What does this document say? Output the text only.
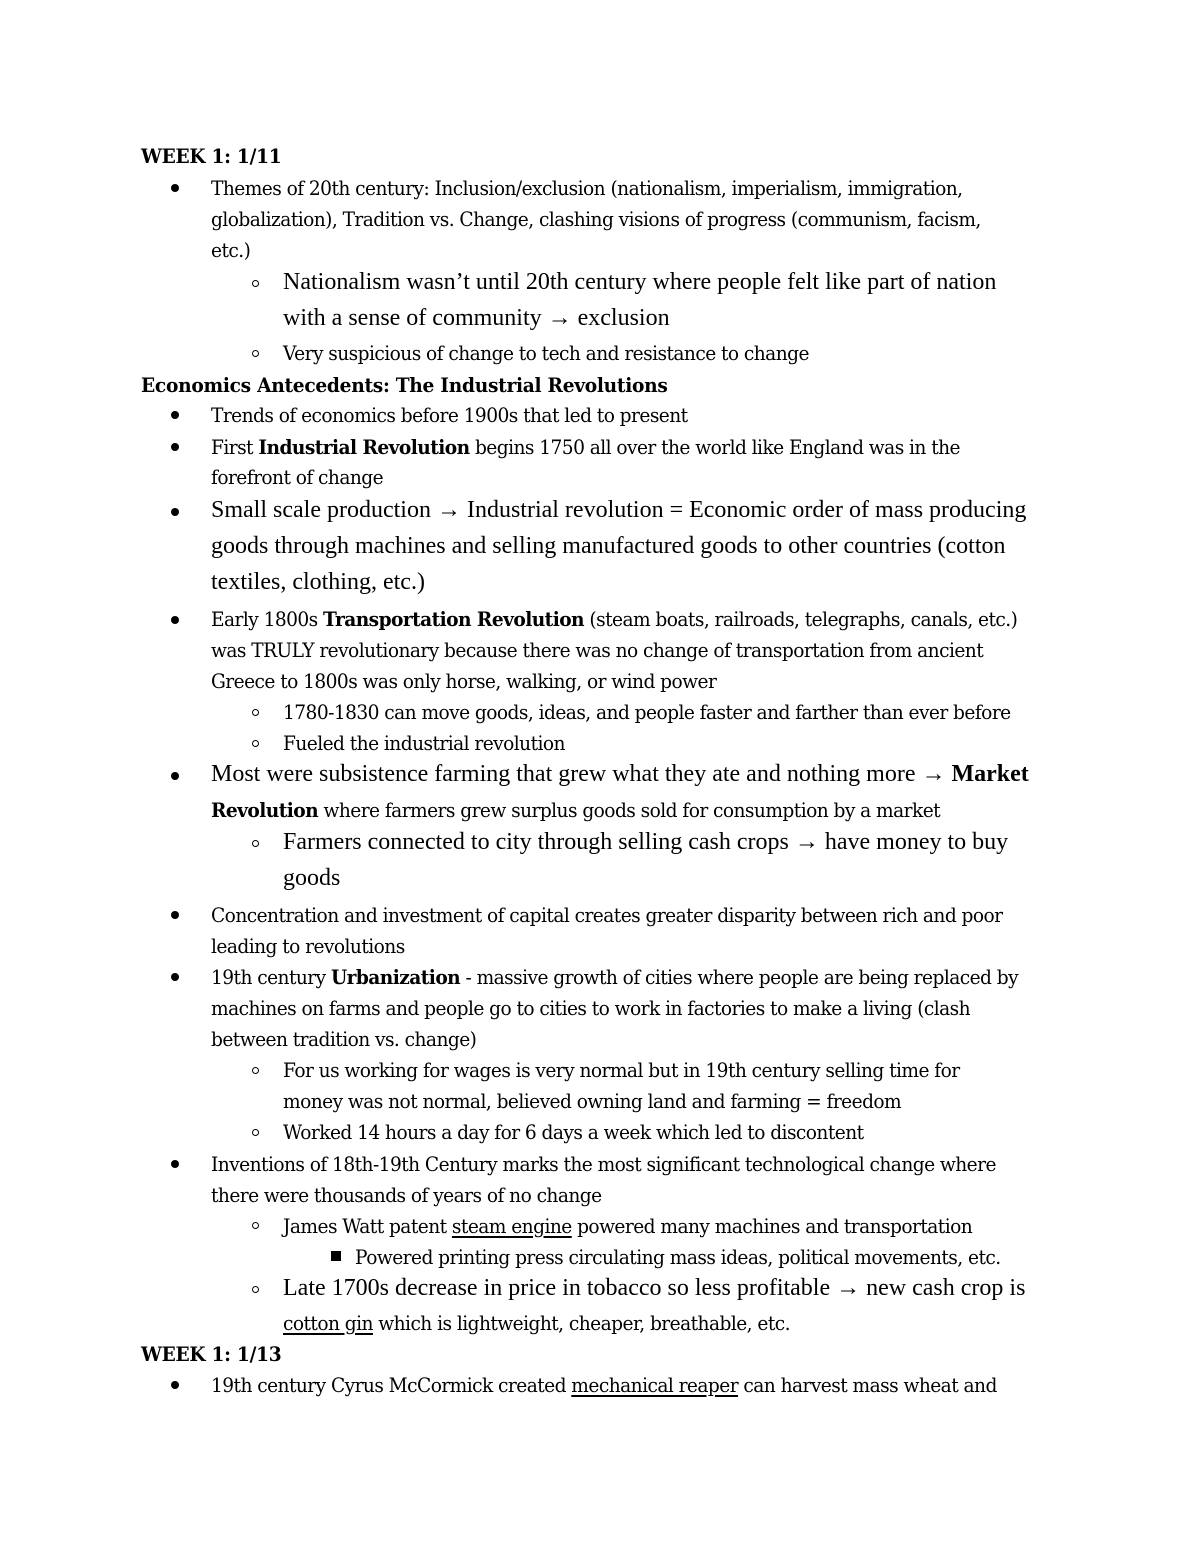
WEEK 1: 1/11
Themes of 20th century: Inclusion/exclusion (nationalism, imperialism, immigration,
globalization), Tradition vs. Change, clashing visions of progress (communism, facism,
etc.)
Nationalism wasn’t until 20th century where people felt like part of nation
with a sense of community → exclusion
Very suspicious of change to tech and resistance to change
Economics Antecedents: The Industrial Revolutions
Trends of economics before 1900s that led to present
First Industrial Revolution begins 1750 all over the world like England was in the
forefront of change
Small scale production → Industrial revolution = Economic order of mass producing
goods through machines and selling manufactured goods to other countries (cotton
textiles, clothing, etc.)
Early 1800s Transportation Revolution (steam boats, railroads, telegraphs, canals, etc.)
was TRULY revolutionary because there was no change of transportation from ancient
Greece to 1800s was only horse, walking, or wind power
1780-1830 can move goods, ideas, and people faster and farther than ever before
Fueled the industrial revolution
Most were subsistence farming that grew what they ate and nothing more → Market
Revolution where farmers grew surplus goods sold for consumption by a market
Farmers connected to city through selling cash crops → have money to buy
goods
Concentration and investment of capital creates greater disparity between rich and poor
leading to revolutions
19th century Urbanization - massive growth of cities where people are being replaced by
machines on farms and people go to cities to work in factories to make a living (clash
between tradition vs. change)
For us working for wages is very normal but in 19th century selling time for
money was not normal, believed owning land and farming = freedom
Worked 14 hours a day for 6 days a week which led to discontent
Inventions of 18th-19th Century marks the most significant technological change where
there were thousands of years of no change
James Watt patent steam engine powered many machines and transportation
Powered printing press circulating mass ideas, political movements, etc.
Late 1700s decrease in price in tobacco so less profitable → new cash crop is
cotton gin which is lightweight, cheaper, breathable, etc.
WEEK 1: 1/13
19th century Cyrus McCormick created mechanical reaper can harvest mass wheat and
